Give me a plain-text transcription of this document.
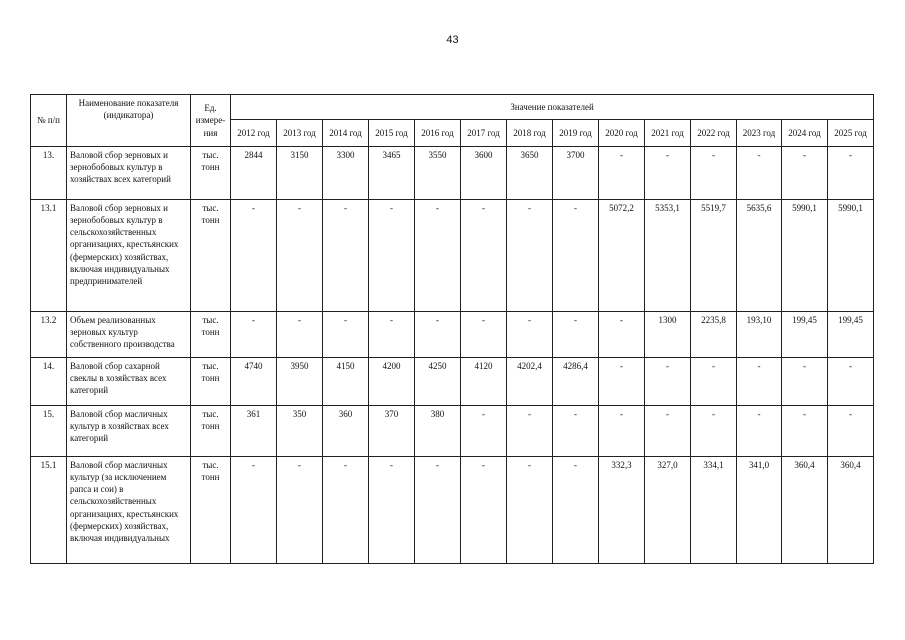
43
№ п/п	Наименование показателя (индикатора)	Ед. измере-ния	Значение показателей													
			2012 год	2013 год	2014 год	2015 год	2016 год	2017 год	2018 год	2019 год	2020 год	2021 год	2022 год	2023 год	2024 год	2025 год
13.	Валовой сбор зерновых и зернобобовых культур в хозяйствах всех категорий	тыс. тонн	2844	3150	3300	3465	3550	3600	3650	3700	-	-	-	-	-	-
13.1	Валовой сбор зерновых и зернобобовых культур в сельскохозяйственных организациях, крестьянских (фермерских) хозяйствах, включая индивидуальных предпринимателей	тыс. тонн	-	-	-	-	-	-	-	-	5072,2	5353,1	5519,7	5635,6	5990,1	5990,1
13.2	Объем реализованных зерновых культур собственного производства	тыс. тонн	-	-	-	-	-	-	-	-	-	1300	2235,8	193,10	199,45	199,45
14.	Валовой сбор сахарной свеклы в хозяйствах всех категорий	тыс. тонн	4740	3950	4150	4200	4250	4120	4202,4	4286,4	-	-	-	-	-	-
15.	Валовой сбор масличных культур в хозяйствах всех категорий	тыс. тонн	361	350	360	370	380	-	-	-	-	-	-	-	-	-
15.1	Валовой сбор масличных культур (за исключением рапса и сои) в сельскохозяйственных организациях, крестьянских (фермерских) хозяйствах, включая индивидуальных	тыс. тонн	-	-	-	-	-	-	-	-	332,3	327,0	334,1	341,0	360,4	360,4
